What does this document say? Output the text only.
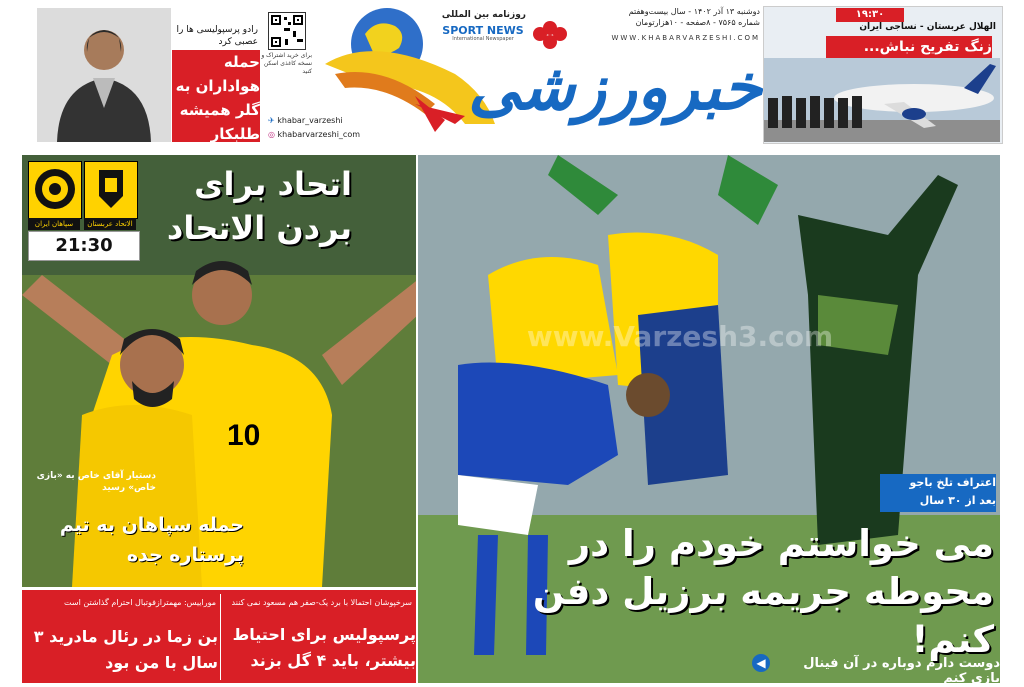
رادو پرسپولیسی ها را عصبی کرد
حمله هواداران به گلر همیشه طلبکار
برای خرید اشتراک و نسخه کاغذی اسکن کنید
✈ khabar_varzeshi
◎ khabarvarzeshi_com
روزنامه بین المللی
SPORT NEWS
International Newspaper
خبرورزشی
دوشنبه ۱۳ آذر ۱۴۰۲ - سال بیست‌وهفتم
شماره ۷۵۶۵ - ۸صفحه - ۱۰هزارتومان
WWW.KHABARVARZESHI.COM
۱۹:۳۰
الهلال عربستان - نساجی ایران
زنگ تفریح نباش...
10
الاتحاد عربستان
سپاهان ایران
21:30
اتحاد برای بردن الاتحاد
دستیار آقای خاص به «بازی خاص» رسید
حمله سپاهان به تیم پرستاره جده
www.Varzesh3.com
اعتراف تلخ باجو
بعد از ۳۰ سال
می خواستم خودم را در محوطه جریمه برزیل دفن کنم!
◀	دوست دارم دوباره در آن فینال بازی کنم
سرخپوشان احتمالا با برد یک-صفر هم مسعود نمی کنند
پرسپولیس برای احتیاط بیشتر، باید ۴ گل بزند
موراییس: مهمترازفوتبال احترام گذاشتن است
بن زما در رئال مادرید ۳ سال با من بود
